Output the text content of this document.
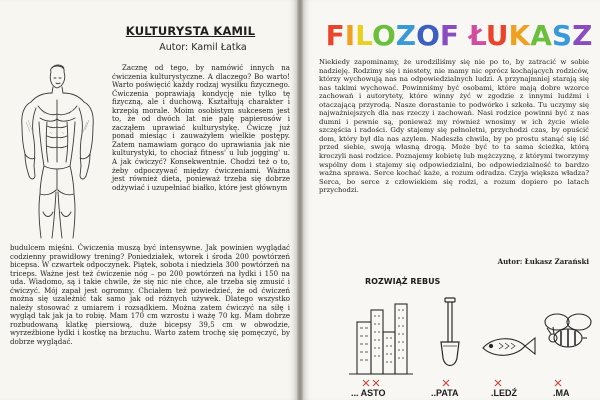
KULTURYSTA KAMIL
Autor: Kamil Łatka

Zacznę od tego, by namówić innych na ćwiczenia kulturystyczne. A dlaczego? Bo warto! Warto poświęcić każdy rodzaj wysiłku fizycznego. Ćwiczenia poprawiają kondycję nie tylko tę fizyczną, ale i duchową. Kształtują charakter i krzepią morale. Moim osobistym sukcesem jest to, że od dwóch lat nie palę papierosów i zacząłem uprawiać kulturystykę. Ćwiczę już ponad miesiąc i zauważyłem wielkie postępy. Zatem namawiam gorąco do uprawiania jak nie kulturystyki, to chociaż fitness' u lub jogging' u. A jak ćwiczyć? Konsekwentnie. Chodzi też o to, żeby odpoczywać między ćwiczeniami. Ważna jest również dieta, ponieważ trzeba się dobrze odżywiać i uzupełniać białko, które jest głównym

budulcem mięśni. Ćwiczenia muszą być intensywne. Jak powinien wyglądać codzienny prawidłowy trening? Poniedziałek, wtorek i środa 200 powtórzeń bicepsa. W czwartek odpoczynek. Piątek, sobota i niedziela 300 powtórzeń na triceps. Ważne jest też ćwiczenie nóg – po 200 powtórzeń na łydki i 150 na uda. Wiadomo, są i takie chwile, że się nic nie chce, ale trzeba się zmusić i ćwiczyć. Mój zapał jest ogromny. Chciałem też powiedzieć, że od ćwiczeń można się uzależnić tak samo jak od różnych używek. Dlatego wszystko należy stosować z umiarem i rozsądkiem. Można zatem ćwiczyć na siłę i wygląd tak jak ja to robię. Mam 170 cm wzrostu i ważę 70 kg. Mam dobrze rozbudowaną klatkę piersiową, duże bicepsy 39,5 cm w obwodzie, wyrzeźbione łydki i kostkę na brzuchu. Warto zatem trochę się pomęczyć, by dobrze wyglądać.

FILOZOF ŁUKASZ

Niekiedy zapominamy, że urodziliśmy się nie po to, by zatracić w sobie nadzieję. Rodzimy się i niestety, nie mamy nic oprócz kochających rodziców, którzy wychowują nas na odpowiedzialnych ludzi. A przynajmniej starają się nas takimi wychować. Powinniśmy być osobami, które mają dobre wzorce zachowań i autorytety, które winny żyć w zgodzie z innymi ludźmi i otaczającą przyrodą. Nasze dorastanie to podwórko i szkoła. Tu uczymy się najważniejszych dla nas rzeczy i zachowań. Nasi rodzice powinni być z nas dumni i pewnie są, ponieważ my również wnosimy w ich życie wiele szczęścia i radości. Gdy stajemy się pełnoletni, przychodzi czas, by opuścić dom, który był dla nas azylem. Nadeszła chwila, by po prostu stanąć się iść przed siebie, swoją własną drogą. Może być to ta sama ścieżka, którą kroczyli nasi rodzice. Poznajemy kobietę lub mężczyznę, z którymi tworzymy wspólny dom i stajemy się odpowiedzialni, bo odpowiedzialność to bardzo ważna sprawa. Serce kochać każe, a rozum odradza. Czyja większa władza? Serca, bo serce z człowiekiem się rodzi, a rozum dopiero po latach przychodzi.

Autor: Łukasz Zarański
ROZWIĄŻ REBUS
... ASTO	..PATA	.LEDŹ	.MA
